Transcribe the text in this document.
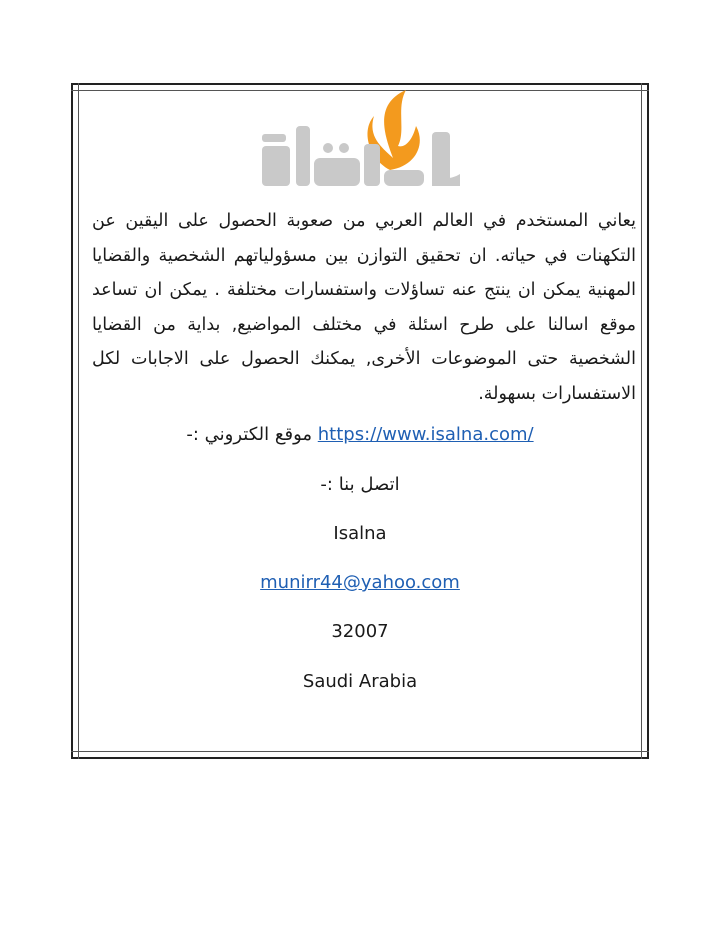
يعاني المستخدم في العالم العربي من صعوبة الحصول على اليقين عن التكهنات في حياته. ان تحقيق التوازن بين مسؤولياتهم الشخصية والقضايا المهنية يمكن ان ينتج عنه تساؤلات واستفسارات مختلفة . يمكن ان تساعد موقع اسالنا على طرح اسئلة في مختلف المواضيع, بداية من القضايا الشخصية حتى الموضوعات الأخرى, يمكنك الحصول على الاجابات لكل الاستفسارات بسهولة.
موقع الكتروني :- https://www.isalna.com/
اتصل بنا :-
Isalna
munirr44@yahoo.com
32007
Saudi Arabia
